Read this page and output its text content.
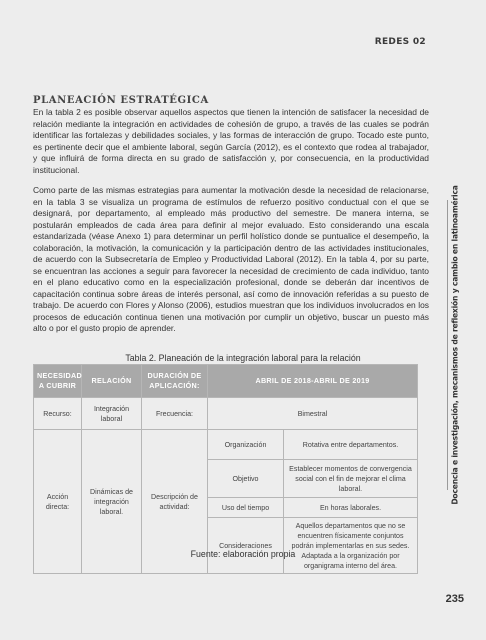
REDES 02
Docencia e investigación, mecanismos de reflexión y cambio en latinoamérica
PLANEACIÓN ESTRATÉGICA

En la tabla 2 es posible observar aquellos aspectos que tienen la intención de satisfacer la necesidad de relación mediante la integración en actividades de cohesión de grupo, a través de las cuales se podrán identificar las fortalezas y debilidades sociales, y las formas de interacción de grupo. Tocado este punto, es pertinente decir que el ambiente laboral, según García (2012), es el contexto que rodea al trabajador, y que influirá de forma directa en su grado de satisfacción y, por consecuencia, en la productividad institucional.

Como parte de las mismas estrategias para aumentar la motivación desde la necesidad de relacionarse, en la tabla 3 se visualiza un programa de estímulos de refuerzo positivo conductual con el que se designará, por departamento, al empleado más productivo del semestre. De manera interna, se postularán empleados de cada área para definir al mejor evaluado. Esto considerando una escala estandarizada (véase Anexo 1) para determinar un perfil holístico donde se puntualice el desempeño, la colaboración, la motivación, la comunicación y la participación dentro de las actividades institucionales, de acuerdo con la Subsecretaría de Empleo y Productividad Laboral (2012). En la tabla 4, por su parte, se encuentran las acciones a seguir para favorecer la necesidad de crecimiento de cada individuo, tanto en el plano educativo como en la especialización profesional, donde se deberán dar incentivos de capacitación continua sobre áreas de interés personal, así como de innovación referidas a su puesto de trabajo. De acuerdo con Flores y Alonso (2006), estudios muestran que los individuos involucrados en los procesos de educación continua tienen una motivación por cumplir un objetivo, buscar un puesto más alto o por el gusto propio de aprender.

Tabla 2. Planeación de la integración laboral para la relación
NECESIDAD A CUBRIR	RELACIÓN	DURACIÓN DE APLICACIÓN:	ABRIL DE 2018-ABRIL DE 2019	
Recurso:	Integración laboral	Frecuencia:	Bimestral	
Acción directa:	Dinámicas de integración laboral.	Descripción de actividad:	Organización	Rotativa entre departamentos.
			Objetivo	Establecer momentos de convergencia social con el fin de mejorar el clima laboral.
			Uso del tiempo	En horas laborales.
			Consideraciones	Aquellos departamentos que no se encuentren físicamente conjuntos podrán implementarlas en sus sedes. Adaptada a la organización por organigrama interno del área.
Fuente: elaboración propia
235
